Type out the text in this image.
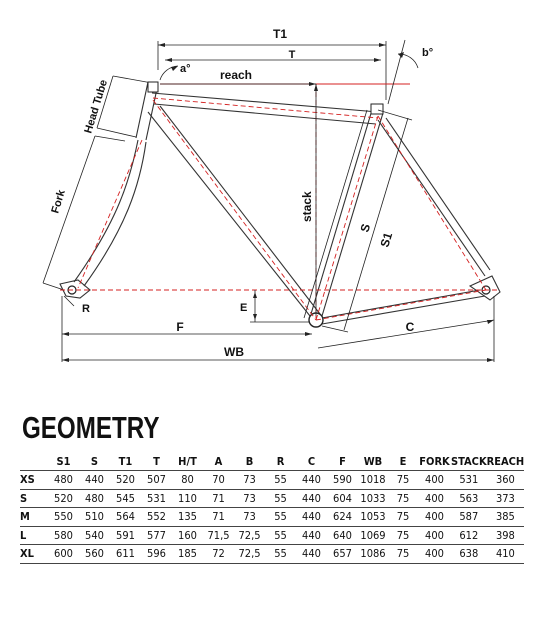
T1
T
reach
a°
b°
Head Tube
Fork	stack
S
S1
E
R
F	C
WB
GEOMETRY
	S1	S	T1	T	H/T	A	B	R	C	F	WB	E	FORK	STACK	REACH
XS	480	440	520	507	80	70	73	55	440	590	1018	75	400	531	360
S	520	480	545	531	110	71	73	55	440	604	1033	75	400	563	373
M	550	510	564	552	135	71	73	55	440	624	1053	75	400	587	385
L	580	540	591	577	160	71,5	72,5	55	440	640	1069	75	400	612	398
XL	600	560	611	596	185	72	72,5	55	440	657	1086	75	400	638	410
